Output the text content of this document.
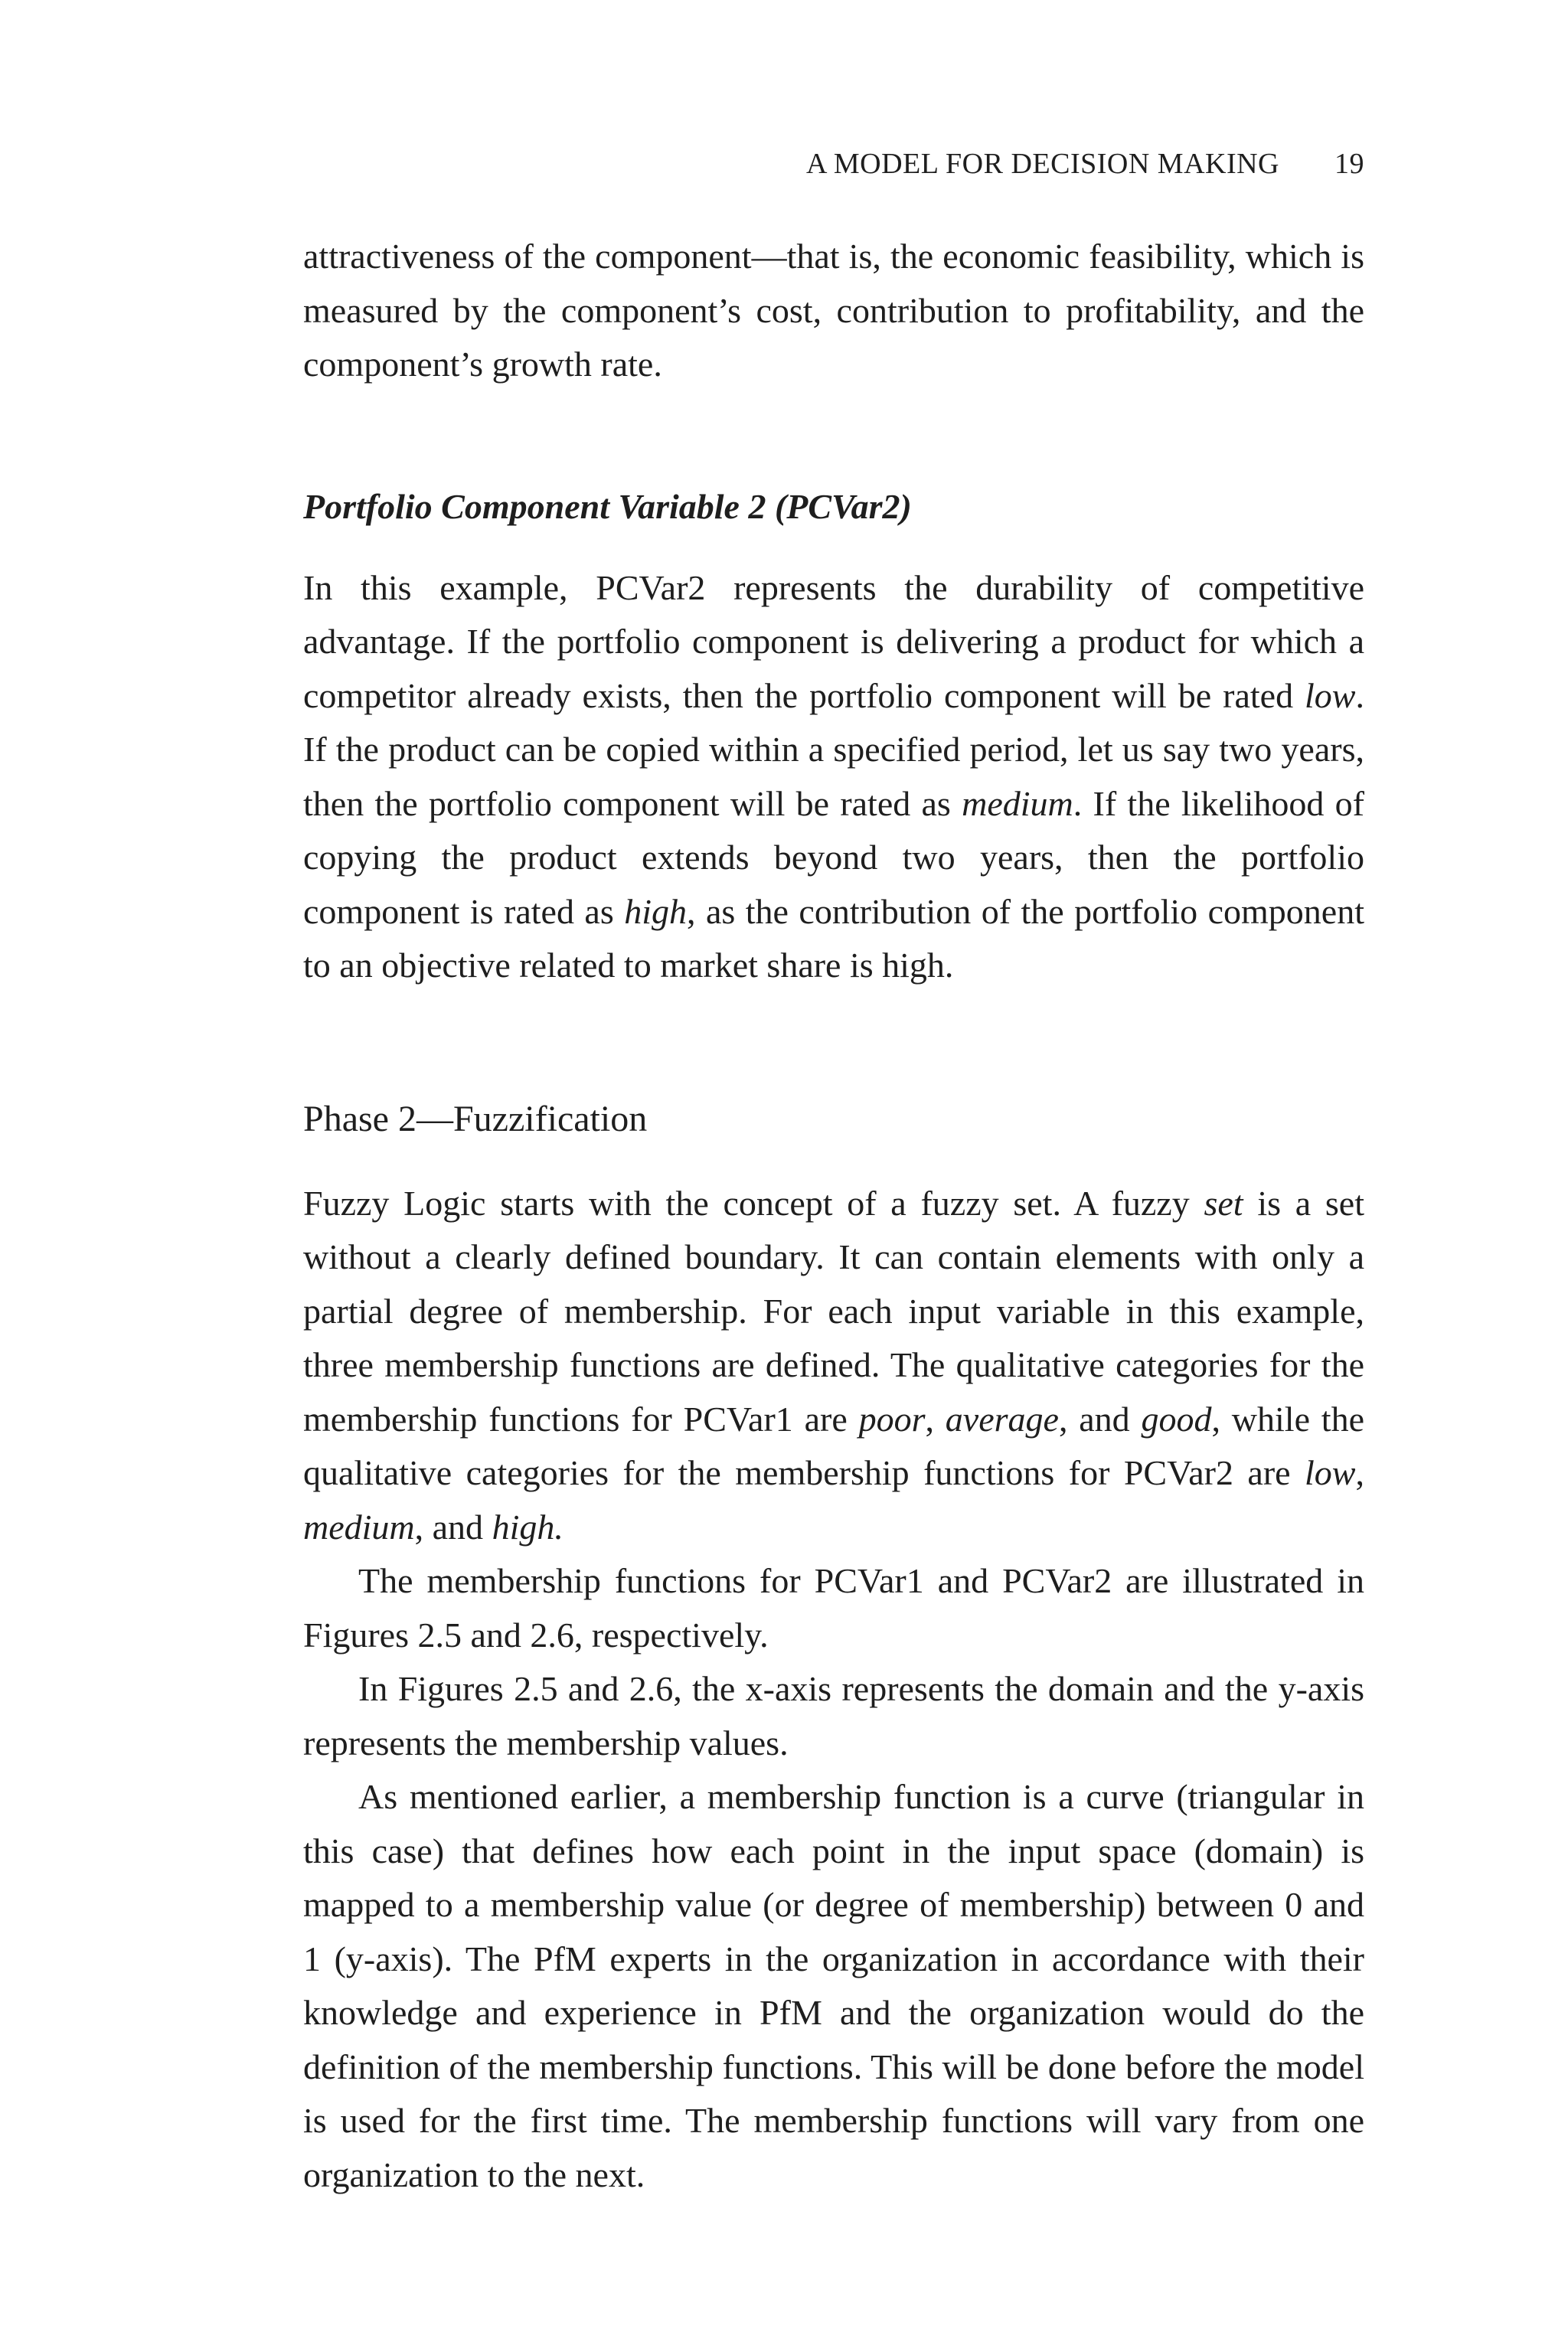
A MODEL FOR DECISION MAKING 19

attractiveness of the component—that is, the economic feasibility, which is measured by the component’s cost, contribution to profitability, and the component’s growth rate.

Portfolio Component Variable 2 (PCVar2)

In this example, PCVar2 represents the durability of competitive advantage. If the portfolio component is delivering a product for which a competitor already exists, then the portfolio component will be rated low. If the product can be copied within a specified period, let us say two years, then the portfolio component will be rated as medium. If the likelihood of copying the product extends beyond two years, then the portfolio component is rated as high, as the contribution of the portfolio component to an objective related to market share is high.

Phase 2—Fuzzification

Fuzzy Logic starts with the concept of a fuzzy set. A fuzzy set is a set without a clearly defined boundary. It can contain elements with only a partial degree of membership. For each input variable in this example, three membership functions are defined. The qualitative categories for the membership functions for PCVar1 are poor, average, and good, while the qualitative categories for the membership functions for PCVar2 are low, medium, and high.

The membership functions for PCVar1 and PCVar2 are illustrated in Figures 2.5 and 2.6, respectively.

In Figures 2.5 and 2.6, the x-axis represents the domain and the y-axis represents the membership values.

As mentioned earlier, a membership function is a curve (triangular in this case) that defines how each point in the input space (domain) is mapped to a membership value (or degree of membership) between 0 and 1 (y-axis). The PfM experts in the organization in accordance with their knowledge and experience in PfM and the organization would do the definition of the membership functions. This will be done before the model is used for the first time. The membership functions will vary from one organization to the next.
